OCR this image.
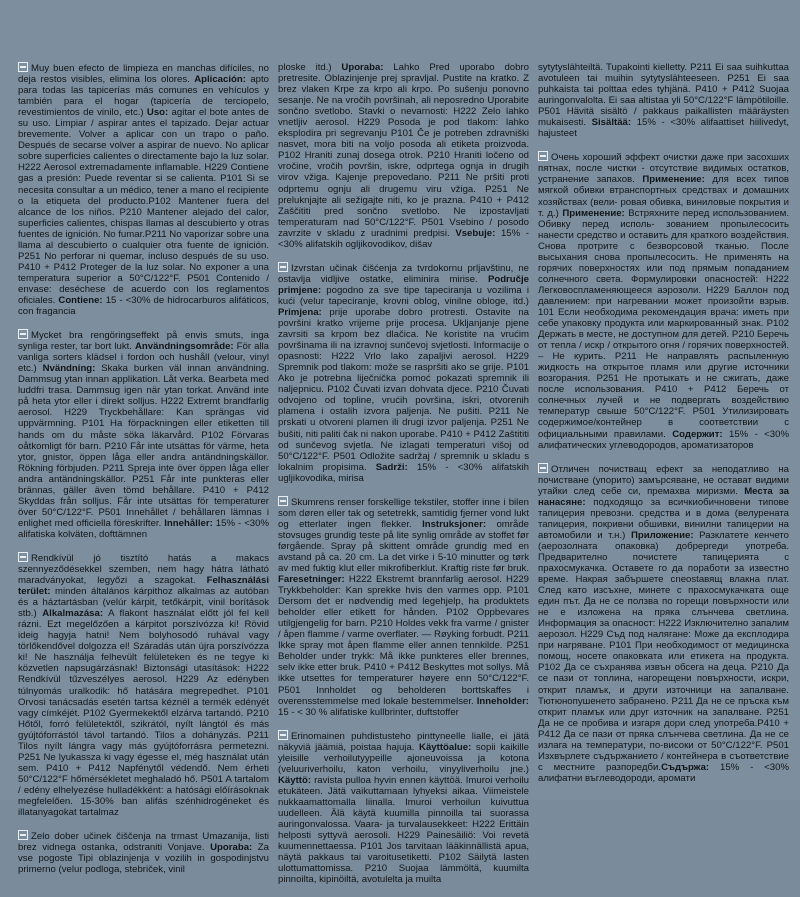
Muy buen efecto de limpieza en manchas difíciles, no deja restos visibles, elimina los olores. Aplicación: apto para todas las tapicerías más comunes en vehículos y también para el hogar (tapicería de terciopelo, revestimientos de vinilo, etc.) Uso: agitar el bote antes de su uso. Limpiar / aspirar antes el tapizado. Dejar actuar brevemente. Volver a aplicar con un trapo o paño. Después de secarse volver a aspirar de nuevo. No aplicar sobre superficies calientes o directamente bajo la luz solar. H222 Aerosol extremadamente inflamable. H229 Contiene gas a presión: Puede reventar si se calienta. P101 Si se necesita consultar a un médico, tener a mano el recipiente o la etiqueta del producto.P102 Mantener fuera del alcance de los niños. P210 Mantener alejado del calor, superficies calientes, chispas llamas al descubierto y otras fuentes de ignición. No fumar.P211 No vaporizar sobre una llama al descubierto o cualquier otra fuente de ignición. P251 No perforar ni quemar, incluso después de su uso. P410 + P412 Proteger de la luz solar. No exponer a una temperatura superior a 50°C/122°F. P501 Contenido / envase: deséchese de acuerdo con los reglamentos oficiales. Contiene: 15 - <30% de hidrocarburos alifáticos, con fragancia

Mycket bra rengöringseffekt på envis smuts, inga synliga rester, tar bort lukt. Användningsområde: För alla vanliga sorters klädsel i fordon och hushåll (velour, vinyl etc.) Nvändning: Skaka burken väl innan användning. Dammsug ytan innan applikation. Låt verka. Bearbeta med luddfri trasa. Dammsug igen när ytan torkat. Använd inte på heta ytor eller i direkt solljus. H222 Extremt brandfarlig aerosol. H229 Tryckbehållare: Kan sprängas vid uppvärmning. P101 Ha förpackningen eller etiketten till hands om du måste söka läkarvård. P102 Förvaras oåtkomligt för barn. P210 Får inte utsättas för värme, heta ytor, gnistor, öppen låga eller andra antändningskällor. Rökning förbjuden. P211 Spreja inte över öppen låga eller andra antändningskällor. P251 Får inte punkteras eller brännas, gäller även tömd behållare. P410 + P412 Skyddas från solljus. Får inte utsättas för temperaturer över 50°C/122°F. P501 Innehållet / behållaren lämnas i enlighet med officiella föreskrifter. Innehåller: 15% - <30% alifatiska kolväten, dofttämnen

Rendkívül jó tisztító hatás a makacs szennyeződésekkel szemben, nem hagy hátra látható maradványokat, legyőzi a szagokat. Felhasználási terület: minden általános kárpithoz alkalmas az autóban és a háztartásban (velúr kárpit, tetőkárpit, vinil borítások stb.) Alkalmazása: A flakont használat előtt jól fel kell rázni. Ezt megelőzően a kárpitot porszívózza ki! Rövid ideig hagyja hatni! Nem bolyhosodó ruhával vagy törlőkendővel dolgozza el! Száradás után újra porszívózza ki! Ne használja felhevült felületeken és ne tegye ki közvetlen napsugárzásnak! Biztonsági utasítások: H222 Rendkívül tűzveszélyes aerosol. H229 Az edényben túlnyomás uralkodik: hő hatására megrepedhet. P101 Orvosi tanácsadás esetén tartsa kéznél a termék edényét vagy címkéjét. P102 Gyermekektől elzárva tartandó. P210 Hőtől, forró felületektől, szikrától, nyílt lángtól és más gyújtóforrástól távol tartandó. Tilos a dohányzás. P211 Tilos nyílt lángra vagy más gyújtóforrásra permetezni. P251 Ne lyukassza ki vagy égesse el, még használat után sem. P410 + P412 Napfénytől védendő. Nem érheti 50°C/122°F hőmérsékletet meghaladó hő. P501 A tartalom / edény elhelyezése hulladékként: a hatósági előírásoknak megfelelően. 15-30% ban alifás szénhidrogéneket és illatanyagokat tartalmaz

Zelo dober učinek čiščenja na trmast Umazanija, listi brez vidnega ostanka, odstraniti Vonjave. Uporaba: Za vse pogoste Tipi oblazinjenja v vozilih in gospodinjstvu primerno (velur podloga, stebriček, vinil

ploske itd.) Uporaba: Lahko Pred uporabo dobro pretresite. Oblazinjenje prej spravljal. Pustite na kratko. Z brez vlaken Krpe za krpo ali krpo. Po sušenju ponovno sesanje. Ne na vročih površinah, ali neposredno Uporabite sončno svetlobo. Stavki o nevarnosti: H222 Zelo lahko vnetljiv aerosol. H229 Posoda je pod tlakom: lahko eksplodira pri segrevanju P101 Če je potreben zdravniški nasvet, mora biti na voljo posoda ali etiketa proizvoda. P102 Hraniti zunaj dosega otrok. P210 Hraniti ločeno od vročine, vročih površin, iskre, odprtega ognja in drugih virov vžiga. Kajenje prepovedano. P211 Ne pršiti proti odprtemu ognju ali drugemu viru vžiga. P251 Ne preluknjajte ali sežigajte niti, ko je prazna. P410 + P412 Zaščititi pred sončno svetlobo. Ne izpostavljati temperaturam nad 50°C/122°F. P501 Vsebino / posodo zavrzite v skladu z uradnimi predpisi. Vsebuje: 15% - <30% alifatskih ogljikovodikov, dišav

Izvrstan učinak čišćenja za tvrdokornu prljavštinu, ne ostavlja vidljive ostatke, eliminira mirise. Područje primjene: pogodno za sve tipe tapeciranja u vozilima i kući (velur tapeciranje, krovni oblog, vinilne obloge, itd.) Primjena: prije uporabe dobro protresti. Ostavite na površini kratko vrijeme prije procesa. Ukljanjanje pjene zavrsiti sa krpom bez dlačica. Ne koristite na vrućim površinama ili na izravnoj sunčevoj svjetlosti. Informacije o opasnosti: H222 Vrlo lako zapaljivi aerosol. H229 Spremnik pod tlakom: može se raspršiti ako se grije. P101 Ako je potrebna liječnička pomoć pokazati spremnik ili naljepnicu. P102 Čuvati izvan dohvata djece. P210 Čuvati odvojeno od topline, vrućih površina, iskri, otvorenih plamena i ostalih izvora paljenja. Ne pušiti. P211 Ne prskati u otvoreni plamen ili drugi izvor paljenja. P251 Ne bušiti, niti paliti čak ni nakon uporabe. P410 + P412 Zaštititi od sunčevog svjetla. Ne izlagati temperaturi višoj od 50°C/122°F. P501 Odložite sadržaj / spremnik u skladu s lokalnim propisima. Sadrži: 15% - <30% alifatskih ugljikovodika, mirisa

Skumrens renser forskellige tekstiler, stoffer inne i bilen som døren eller tak og setetrekk, samtidig fjerner vond lukt og etterlater ingen flekker. Instruksjoner: område stovsuges grundig teste på lite synlig område av stoffet før førgående. Spray på skittent område grundig med en avstand på ca. 20 cm. La det virke i 5-10 minutter og tørk av med fuktig klut eller mikrofiberklut. Kraftig riste før bruk. Faresetninger: H222 Ekstremt brannfarlig aerosol. H229 Trykkbeholder: Kan sprekke hvis den varmes opp. P101 Dersom det er nødvendig med legehjelp, ha produktets beholder eller etikett for hånden. P102 Oppbevares utilgjengelig for barn. P210 Holdes vekk fra varme / gnister / åpen flamme / varme overflater. — Røyking forbudt. P211 Ikke spray mot åpen flamme eller annen tennkilde. P251 Beholder under trykk: Må ikke punkteres eller brennes, selv ikke etter bruk. P410 + P412 Beskyttes mot sollys. Må ikke utsettes for temperaturer høyere enn 50°C/122°F. P501 Innholdet og beholderen borttskaffes i overensstemmelse med lokale bestemmelser. Inneholder: 15 - < 30 % alifatiske kullbrinter, duftstoffer

Erinomainen puhdistusteho pinttyneelle lialle, ei jätä näkyviä jäämiä, poistaa hajuja. Käyttöalue: sopii kaikille yleisille verhoilutyypeille ajoneuvoissa ja kotona (veluuriverhoilu, katon verhoilu, vinyyliverhoilu jne.) Käyttö: ravista pulloa hyvin ennen käyttöä. Imuroi verhoilu etukäteen. Jätä vaikuttamaan lyhyeksi aikaa. Viimeistele nukkaamattomalla liinalla. Imuroi verhoilun kuivuttua uudelleen. Älä käytä kuumilla pinnoilla tai suorassa auringonvalossa. Vaara- ja turvalausekkeet: H222 Erittäin helposti syttyvä aerosoli. H229 Painesäiliö: Voi revetä kuumennettaessa. P101 Jos tarvitaan lääkinnällistä apua, näytä pakkaus tai varoitusetiketti. P102 Säilytä lasten ulottumattomissa. P210 Suojaa lämmöltä, kuumilta pinnoilta, kipinöiltä, avotulelta ja muilta

sytytyslähteiltä. Tupakointi kielletty. P211 Ei saa suihkuttaa avotuleen tai muihin sytytyslähteeseen. P251 Ei saa puhkaista tai polttaa edes tyhjänä. P410 + P412 Suojaa auringonvalolta. Ei saa altistaa yli 50°C/122°F lämpötiloille. P501 Hävitä sisältö / pakkaus paikallisten määräysten mukaisesti. Sisältää: 15% - <30% alifaattiset hiilivedyt, hajusteet

Очень хороший эффект очистки даже при засохших пятнах, после чистки - отсутствие видимых остатков, устранение запахов. Применение: для всех типов мягкой обивки втранспортных средствах и домашних хозяйствах (вели- ровая обивка, виниловые покрытия и т. д.) Применение: Встряхните перед использованием. Обивку перед исполь- зованием пропылесосить нанести средство и оставить для краткого воздействия. Снова протрите с безворсовой тканью. После высыхания снова пропылесосить. Не применять на горячих поверхностях или под прямым попаданием солнечного света. Формулировки опасностей: H222 Легковоспламеняющееся аэрозоли. H229 Баллон под давлением: при нагревании может произойти взрыв. 101 Если необходима рекомендация врача: иметь при себе упаковку продукта или маркированный знак. P102 Держать в месте, не доступном для детей. P210 Беречь от тепла / искр / открытого огня / горячих поверхностей. – Не курить. P211 Не направлять распыленную жидкость на открытое пламя или другие источники возгорания. P251 Не протыкать и не сжигать, даже после использования. P410 + P412 Беречь от солнечных лучей и не подвергать воздействию температур свыше 50°C/122°F. P501 Утилизировать содержимое/контейнер в соответствии с официальными правилами. Содержит: 15% - <30% алифатических углеводородов, ароматизаторов

Отличен почистващ ефект за неподатливо на почистване (упорито) замърсяване, не остават видими утайки след себе си, премахва миризми. Места за нанасяне: подходящо за всичкиобичновени типове тапицерия превозни. средства и в дома (велурената тапицерия, покривни обшивки, винилни тапицерии на автомобили и т.н.) Приложение: Разклатете кенчето (аерозолната опаковка) добреpreди употреба. Предварително почистете тапицерията с прахосмукачка. Оставете го да поработи за известно време. Накрая забършете сneostaвящ влакна плат. След като изсъхне, минете с прахосмукачката още един път. Да не се ползва по горещи повърхности или не е изложена на пряка слънчева светлина. Информация за опасност: H222 Изключително запалим аерозол. H229 Съд под налягане: Може да експлодира при нагряване. P101 При необходимост от медицинска помощ, носете опаковката или етикета на продукта. P102 Да се съхранява извън обсега на деца. P210 Да се пази от топлина, нагорещени повърхности, искри, открит пламък, и други източници на запалване. Тютюнопушенето забранено. P211 Да не се пръска към открит пламък или друг източник на запалване. P251 Да не се пробива и изгаря дори след употреба.P410 + P412 Да се пази от пряка слънчева светлина. Да не се излага на температури, по-високи от 50°C/122°F. P501 Изхвърлете съдържанието / контейнера в съответствие с местните разпоредби.Съдържа: 15% - <30% алифатни въглеводороди, аромати
